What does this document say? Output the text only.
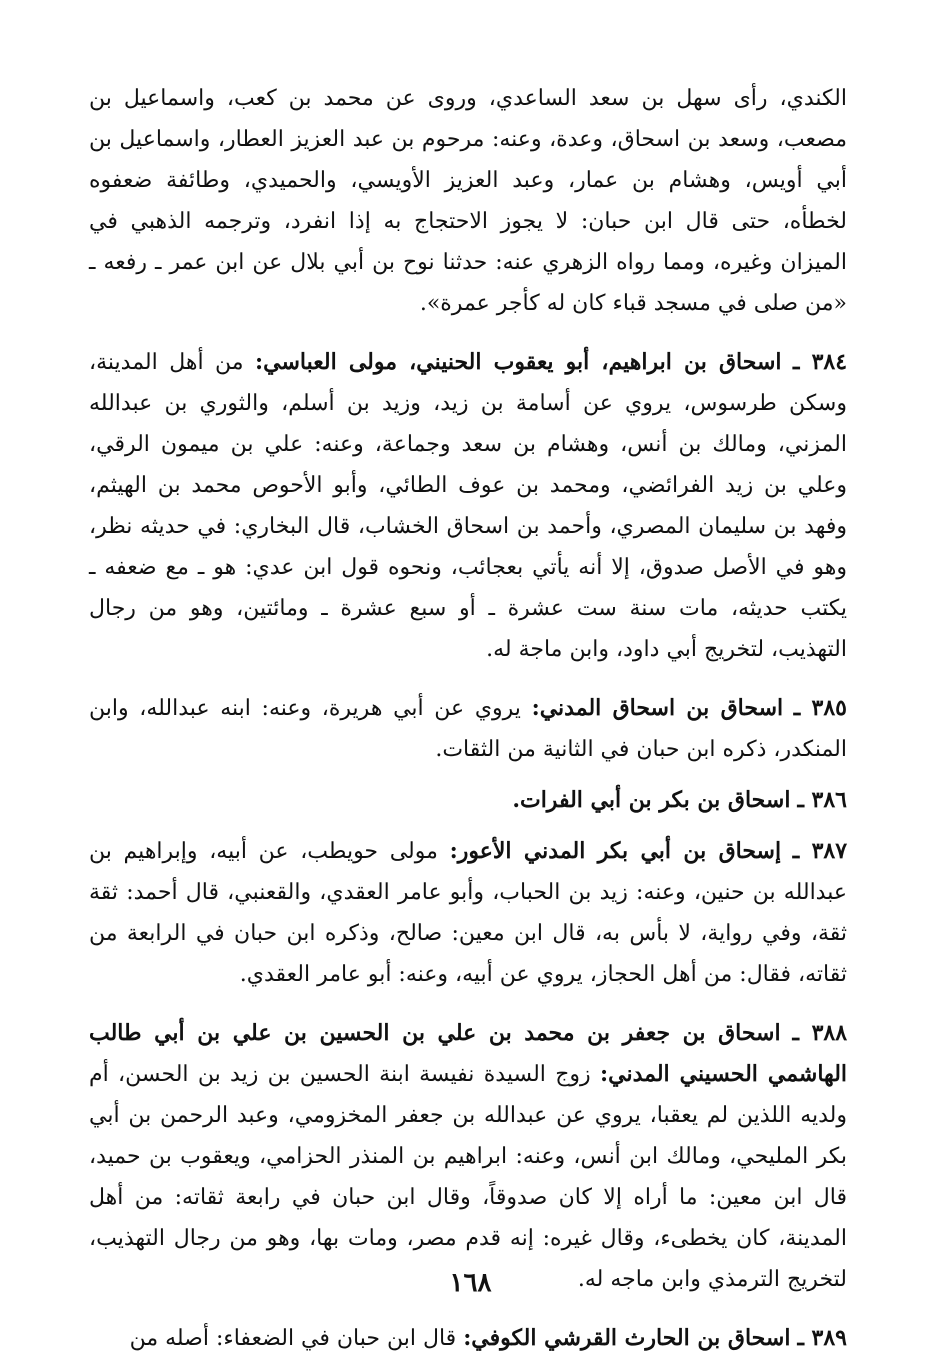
الكندي، رأى سهل بن سعد الساعدي، وروى عن محمد بن كعب، واسماعيل بن مصعب، وسعد بن اسحاق، وعدة، وعنه: مرحوم بن عبد العزيز العطار، واسماعيل بن أبي أويس، وهشام بن عمار، وعبد العزيز الأويسي، والحميدي، وطائفة ضعفوه لخطأه، حتى قال ابن حبان: لا يجوز الاحتجاج به إذا انفرد، وترجمه الذهبي في الميزان وغيره، ومما رواه الزهري عنه: حدثنا نوح بن أبي بلال عن ابن عمر ـ رفعه ـ «من صلى في مسجد قباء كان له كأجر عمرة».

٣٨٤ ـ اسحاق بن ابراهيم، أبو يعقوب الحنيني، مولى العباسي: من أهل المدينة، وسكن طرسوس، يروي عن أسامة بن زيد، وزيد بن أسلم، والثوري بن عبدالله المزني، ومالك بن أنس، وهشام بن سعد وجماعة، وعنه: علي بن ميمون الرقي، وعلي بن زيد الفرائضي، ومحمد بن عوف الطائي، وأبو الأحوص محمد بن الهيثم، وفهد بن سليمان المصري، وأحمد بن اسحاق الخشاب، قال البخاري: في حديثه نظر، وهو في الأصل صدوق، إلا أنه يأتي بعجائب، ونحوه قول ابن عدي: هو ـ مع ضعفه ـ يكتب حديثه، مات سنة ست عشرة ـ أو سبع عشرة ـ ومائتين، وهو من رجال التهذيب، لتخريج أبي داود، وابن ماجة له.

٣٨٥ ـ اسحاق بن اسحاق المدني: يروي عن أبي هريرة، وعنه: ابنه عبدالله، وابن المنكدر، ذكره ابن حبان في الثانية من الثقات.

٣٨٦ ـ اسحاق بن بكر بن أبي الفرات.

٣٨٧ ـ إسحاق بن أبي بكر المدني الأعور: مولى حويطب، عن أبيه، وإبراهيم بن عبدالله بن حنين، وعنه: زيد بن الحباب، وأبو عامر العقدي، والقعنبي، قال أحمد: ثقة ثقة، وفي رواية، لا بأس به، قال ابن معين: صالح، وذكره ابن حبان في الرابعة من ثقاته، فقال: من أهل الحجاز، يروي عن أبيه، وعنه: أبو عامر العقدي.

٣٨٨ ـ اسحاق بن جعفر بن محمد بن علي بن الحسين بن علي بن أبي طالب الهاشمي الحسيني المدني: زوج السيدة نفيسة ابنة الحسين بن زيد بن الحسن، أم ولديه اللذين لم يعقبا، يروي عن عبدالله بن جعفر المخزومي، وعبد الرحمن بن أبي بكر المليحي، ومالك ابن أنس، وعنه: ابراهيم بن المنذر الحزامي، ويعقوب بن حميد، قال ابن معين: ما أراه إلا كان صدوقاً، وقال ابن حبان في رابعة ثقاته: من أهل المدينة، كان يخطىء، وقال غيره: إنه قدم مصر، ومات بها، وهو من رجال التهذيب، لتخريج الترمذي وابن ماجه له.

٣٨٩ ـ اسحاق بن الحارث القرشي الكوفي: قال ابن حبان في الضعفاء: أصله من

١٦٨
